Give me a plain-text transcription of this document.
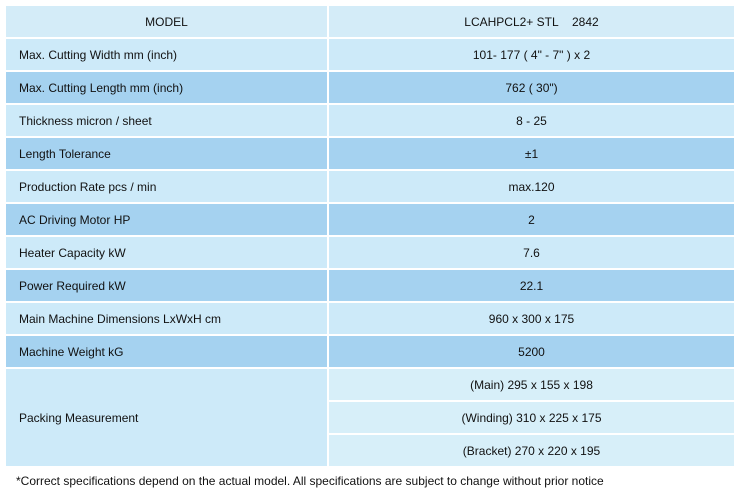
MODEL	LCAHPCL2+ STL    2842
Max. Cutting Width mm (inch)	101- 177 ( 4" - 7" ) x 2
Max. Cutting Length mm (inch)	762 ( 30")
Thickness micron / sheet	8 - 25
Length Tolerance	±1
Production Rate pcs / min	max.120
AC Driving Motor HP	2
Heater Capacity kW	7.6
Power Required kW	22.1
Main Machine Dimensions LxWxH cm	960 x 300 x 175
Machine Weight kG	5200
Packing Measurement	(Main) 295 x 155 x 198
	(Winding) 310 x 225 x 175
	(Bracket) 270 x 220 x 195
*Correct specifications depend on the actual model. All specifications are subject to change without prior notice
